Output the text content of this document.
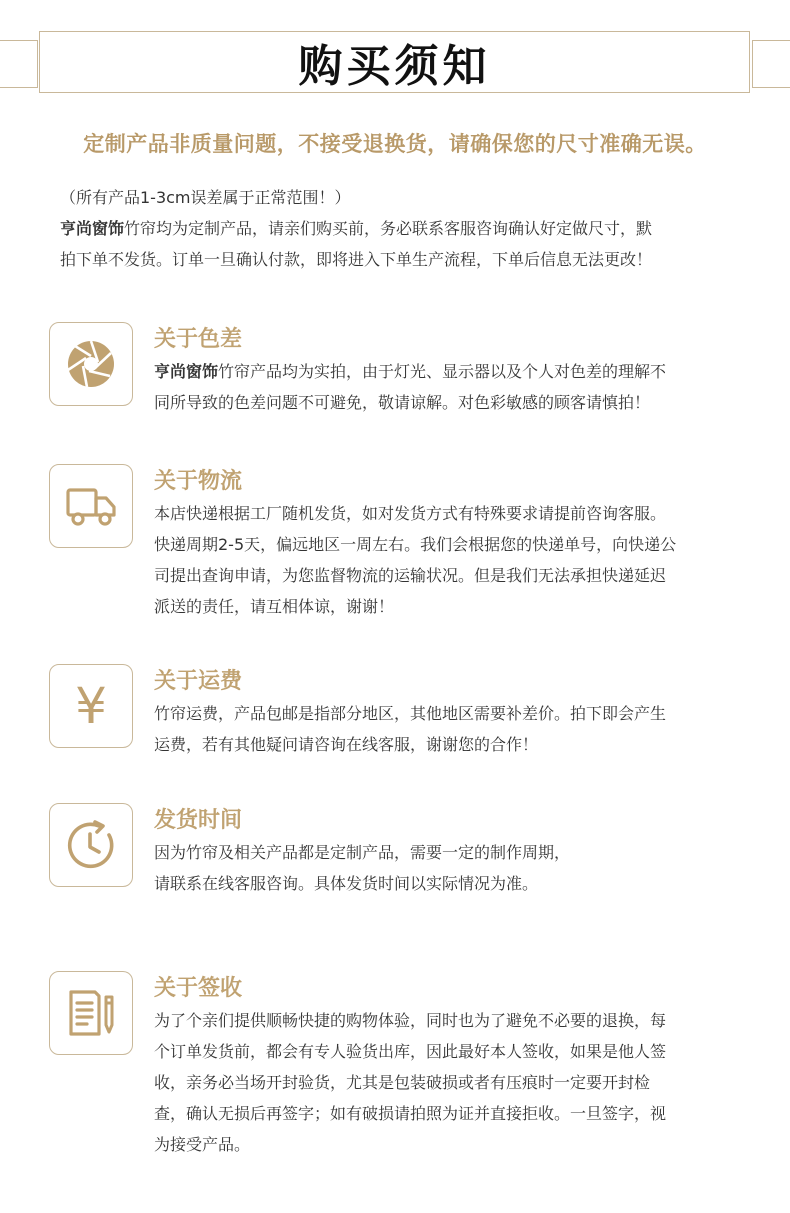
购买须知
定制产品非质量问题，不接受退换货，请确保您的尺寸准确无误。

（所有产品1-3cm误差属于正常范围！）

亨尚窗饰竹帘均为定制产品，请亲们购买前，务必联系客服咨询确认好定做尺寸，默

拍下单不发货。订单一旦确认付款，即将进入下单生产流程，下单后信息无法更改！

关于色差
亨尚窗饰竹帘产品均为实拍，由于灯光、显示器以及个人对色差的理解不
同所导致的色差问题不可避免，敬请谅解。对色彩敏感的顾客请慎拍！
关于物流
本店快递根据工厂随机发货，如对发货方式有特殊要求请提前咨询客服。
快递周期2-5天，偏远地区一周左右。我们会根据您的快递单号，向快递公
司提出查询申请，为您监督物流的运输状况。但是我们无法承担快递延迟
派送的责任，请互相体谅，谢谢！
¥ 关于运费
竹帘运费，产品包邮是指部分地区，其他地区需要补差价。拍下即会产生
运费，若有其他疑问请咨询在线客服，谢谢您的合作！
发货时间
因为竹帘及相关产品都是定制产品，需要一定的制作周期，
请联系在线客服咨询。具体发货时间以实际情况为准。
关于签收
为了个亲们提供顺畅快捷的购物体验，同时也为了避免不必要的退换，每
个订单发货前，都会有专人验货出库，因此最好本人签收，如果是他人签
收，亲务必当场开封验货，尤其是包装破损或者有压痕时一定要开封检
查，确认无损后再签字；如有破损请拍照为证并直接拒收。一旦签字，视
为接受产品。
